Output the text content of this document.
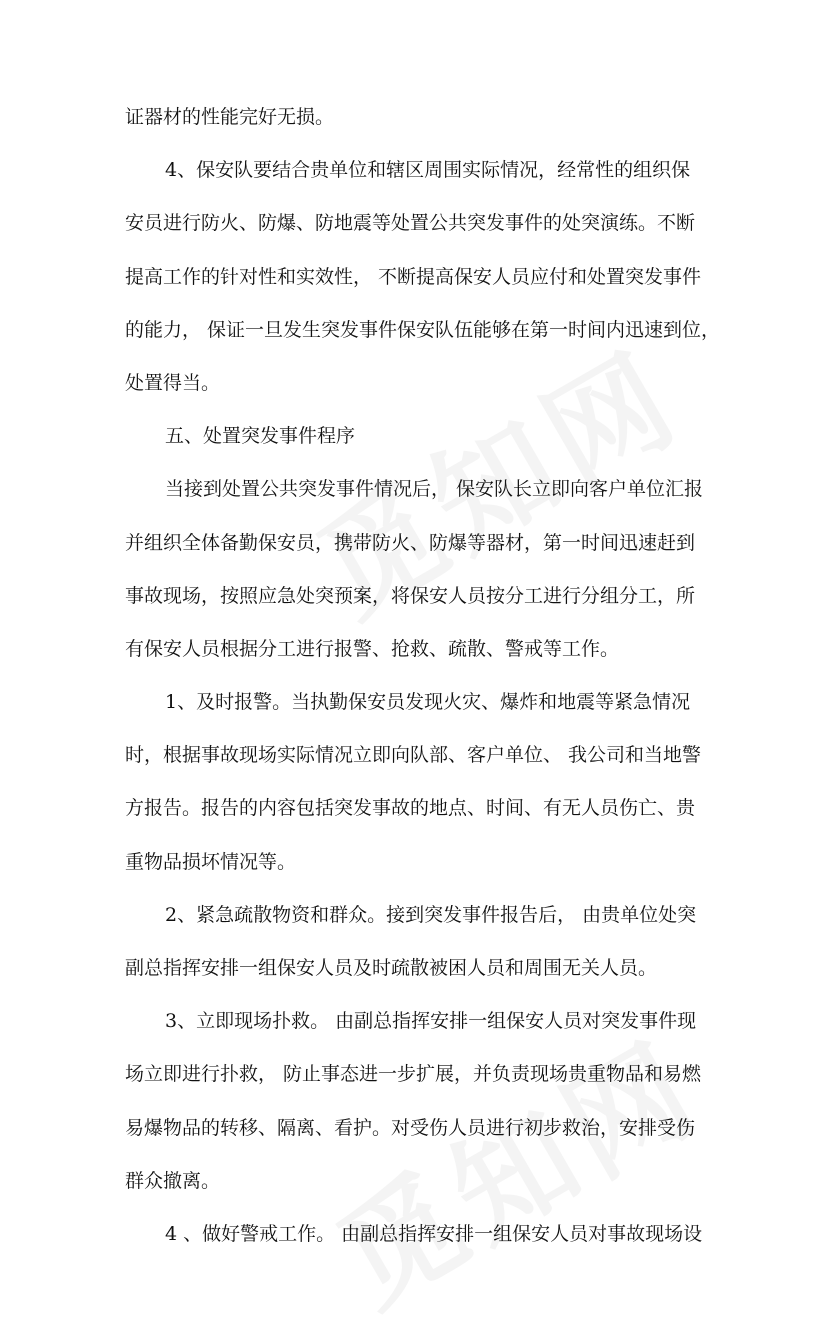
证器材的性能完好无损。
4、保安队要结合贵单位和辖区周围实际情况，经常性的组织保
安员进行防火、防爆、防地震等处置公共突发事件的处突演练。不断
提高工作的针对性和实效性， 不断提高保安人员应付和处置突发事件
的能力， 保证一旦发生突发事件保安队伍能够在第一时间内迅速到位，
处置得当。
五、处置突发事件程序
当接到处置公共突发事件情况后， 保安队长立即向客户单位汇报
并组织全体备勤保安员，携带防火、防爆等器材，第一时间迅速赶到
事故现场，按照应急处突预案，将保安人员按分工进行分组分工，所
有保安人员根据分工进行报警、抢救、疏散、警戒等工作。
1、及时报警。当执勤保安员发现火灾、爆炸和地震等紧急情况
时，根据事故现场实际情况立即向队部、客户单位、 我公司和当地警
方报告。报告的内容包括突发事故的地点、时间、有无人员伤亡、贵
重物品损坏情况等。
2、紧急疏散物资和群众。接到突发事件报告后， 由贵单位处突
副总指挥安排一组保安人员及时疏散被困人员和周围无关人员。
3、立即现场扑救。 由副总指挥安排一组保安人员对突发事件现
场立即进行扑救， 防止事态进一步扩展，并负责现场贵重物品和易燃
易爆物品的转移、隔离、看护。对受伤人员进行初步救治，安排受伤
群众撤离。
4 、做好警戒工作。 由副总指挥安排一组保安人员对事故现场设
